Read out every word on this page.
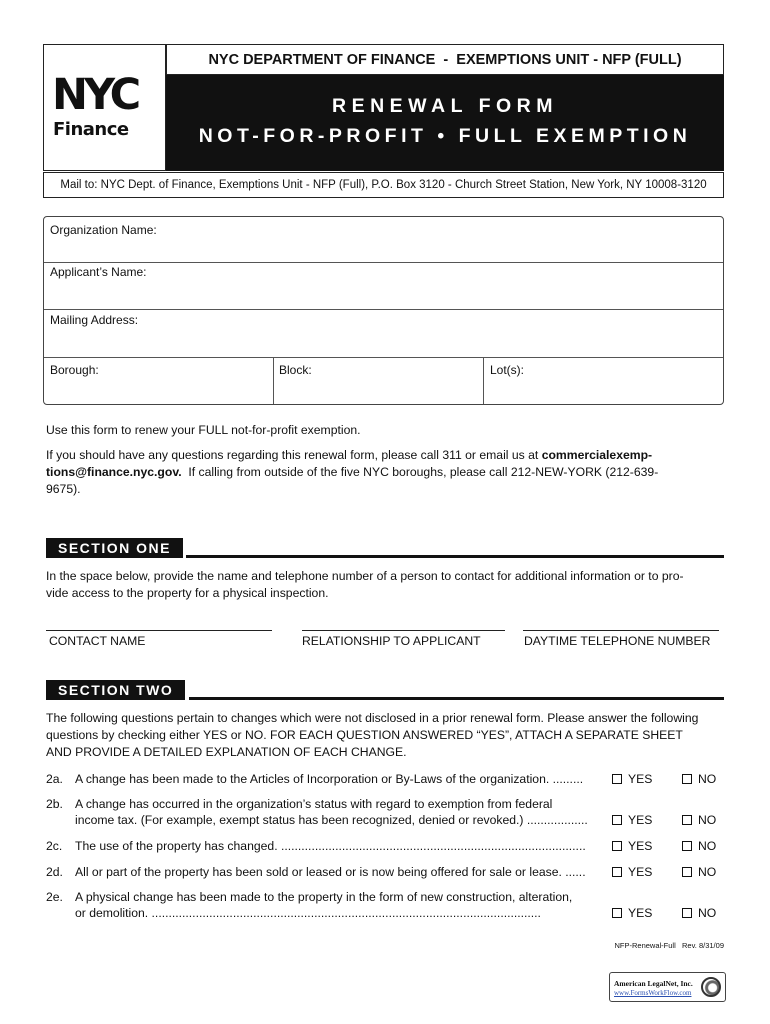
NYC
Finance
NYC DEPARTMENT OF FINANCE  -  EXEMPTIONS UNIT - NFP (FULL)
RENEWAL FORM
NOT-FOR-PROFIT • FULL EXEMPTION
Mail to: NYC Dept. of Finance, Exemptions Unit - NFP (Full), P.O. Box 3120 - Church Street Station, New York, NY 10008-3120
Organization Name:
Applicant’s Name:
Mailing Address:
Borough:	Block:	Lot(s):

Use this form to renew your FULL not-for-profit exemption.

If you should have any questions regarding this renewal form, please call 311 or email us at commercialexemp-
tions@finance.nyc.gov.  If calling from outside of the five NYC boroughs, please call 212-NEW-YORK (212-639-
9675).
SECTION ONE
In the space below, provide the name and telephone number of a person to contact for additional information or to pro-
vide access to the property for a physical inspection.
CONTACT NAME	RELATIONSHIP TO APPLICANT	DAYTIME TELEPHONE NUMBER
SECTION TWO
The following questions pertain to changes which were not disclosed in a prior renewal form. Please answer the following
questions by checking either YES or NO. FOR EACH QUESTION ANSWERED “YES”, ATTACH A SEPARATE SHEET
AND PROVIDE A DETAILED EXPLANATION OF EACH CHANGE.
2a. A change has been made to the Articles of Incorporation or By-Laws of the organization. .........	YES	NO
2b. A change has occurred in the organization’s status with regard to exemption from federal
income tax. (For example, exempt status has been recognized, denied or revoked.) ..................	YES	NO
2c. The use of the property has changed. ..........................................................................................	YES	NO
2d. All or part of the property has been sold or leased or is now being offered for sale or lease. ......	YES	NO
2e. A physical change has been made to the property in the form of new construction, alteration,
or demolition. ...................................................................................................................	YES	NO
NFP-Renewal-Full   Rev. 8/31/09
American LegalNet, Inc.
www.FormsWorkFlow.com
